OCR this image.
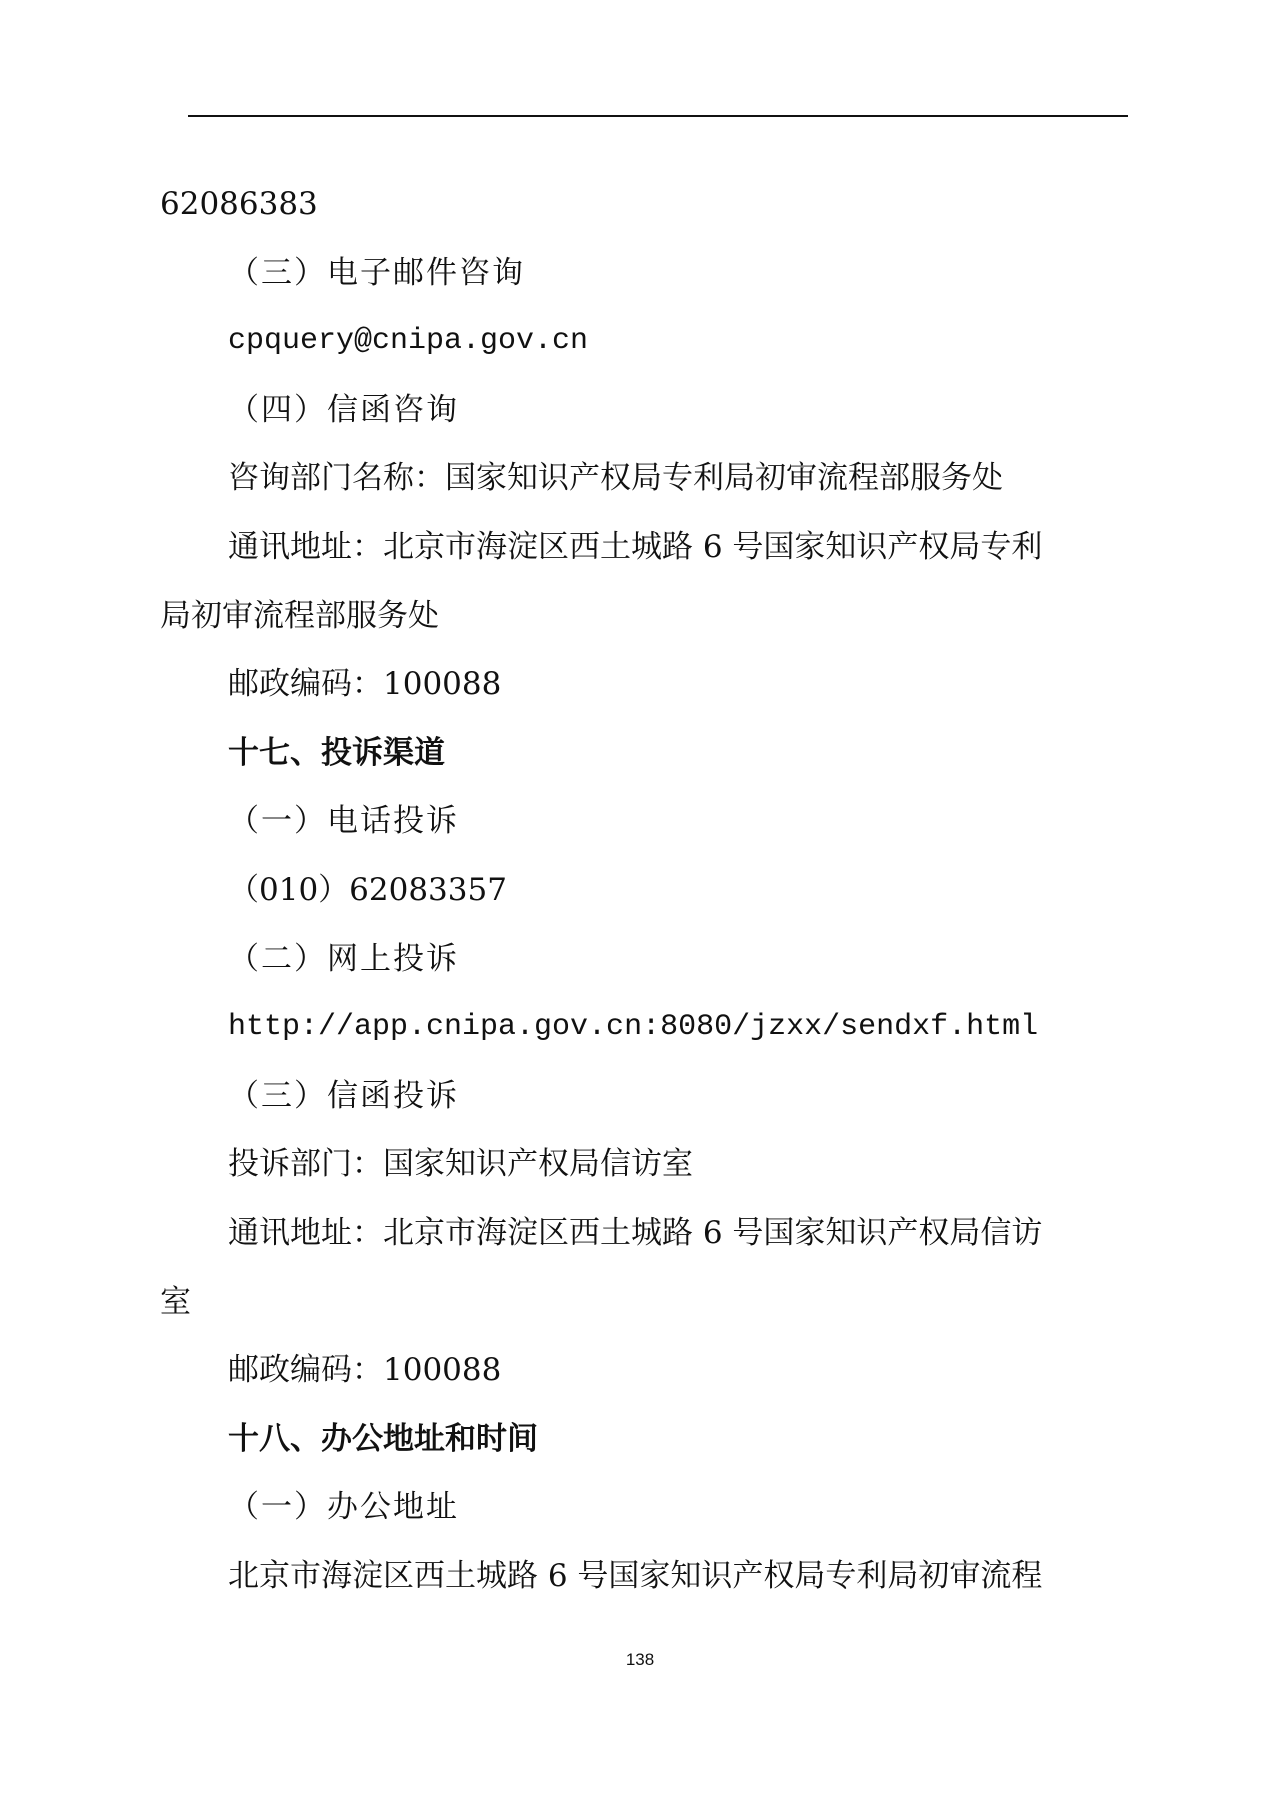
62086383
（三）电子邮件咨询
cpquery@cnipa.gov.cn
（四）信函咨询
咨询部门名称：国家知识产权局专利局初审流程部服务处
通讯地址：北京市海淀区西土城路 6 号国家知识产权局专利
局初审流程部服务处
邮政编码：100088
十七、投诉渠道
（一）电话投诉
（010）62083357
（二）网上投诉
http://app.cnipa.gov.cn:8080/jzxx/sendxf.html
（三）信函投诉
投诉部门：国家知识产权局信访室
通讯地址：北京市海淀区西土城路 6 号国家知识产权局信访
室
邮政编码：100088
十八、办公地址和时间
（一）办公地址
北京市海淀区西土城路 6 号国家知识产权局专利局初审流程
138
